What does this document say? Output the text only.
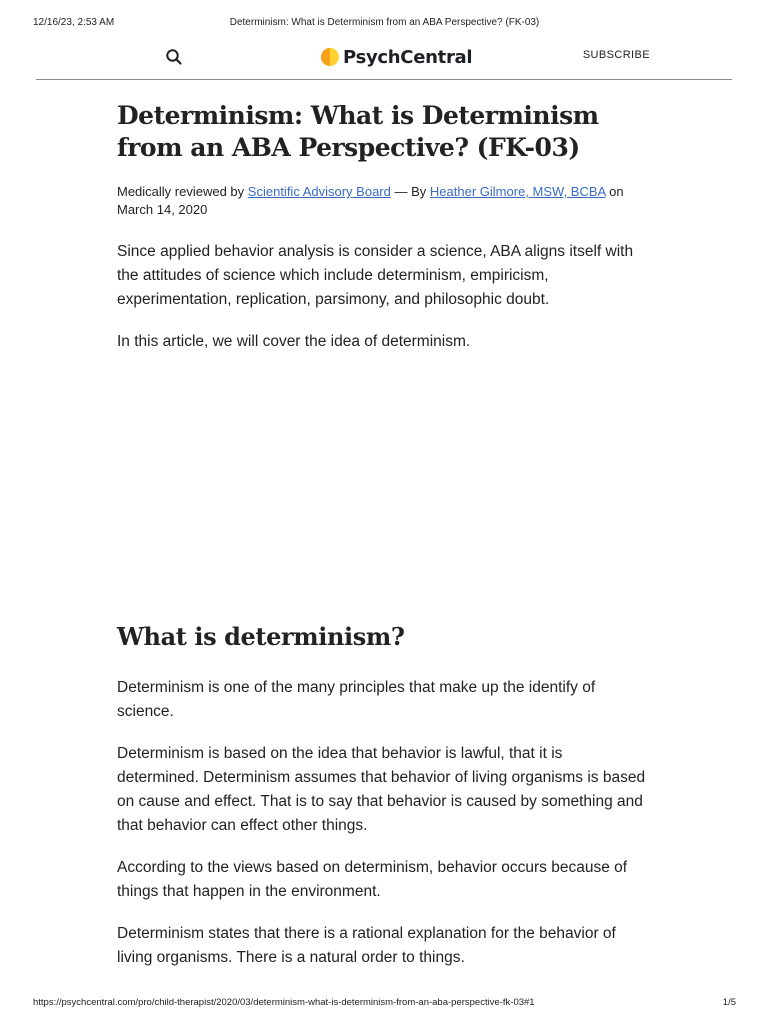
12/16/23, 2:53 AM	Determinism: What is Determinism from an ABA Perspective? (FK-03)
PsychCentral	SUBSCRIBE
Determinism: What is Determinism from an ABA Perspective? (FK-03)
Medically reviewed by Scientific Advisory Board — By Heather Gilmore, MSW, BCBA on March 14, 2020

Since applied behavior analysis is consider a science, ABA aligns itself with the attitudes of science which include determinism, empiricism, experimentation, replication, parsimony, and philosophic doubt.

In this article, we will cover the idea of determinism.

What is determinism?

Determinism is one of the many principles that make up the identify of science.

Determinism is based on the idea that behavior is lawful, that it is determined. Determinism assumes that behavior of living organisms is based on cause and effect. That is to say that behavior is caused by something and that behavior can effect other things.

According to the views based on determinism, behavior occurs because of things that happen in the environment.

Determinism states that there is a rational explanation for the behavior of living organisms. There is a natural order to things.

https://psychcentral.com/pro/child-therapist/2020/03/determinism-what-is-determinism-from-an-aba-perspective-fk-03#1	1/5
